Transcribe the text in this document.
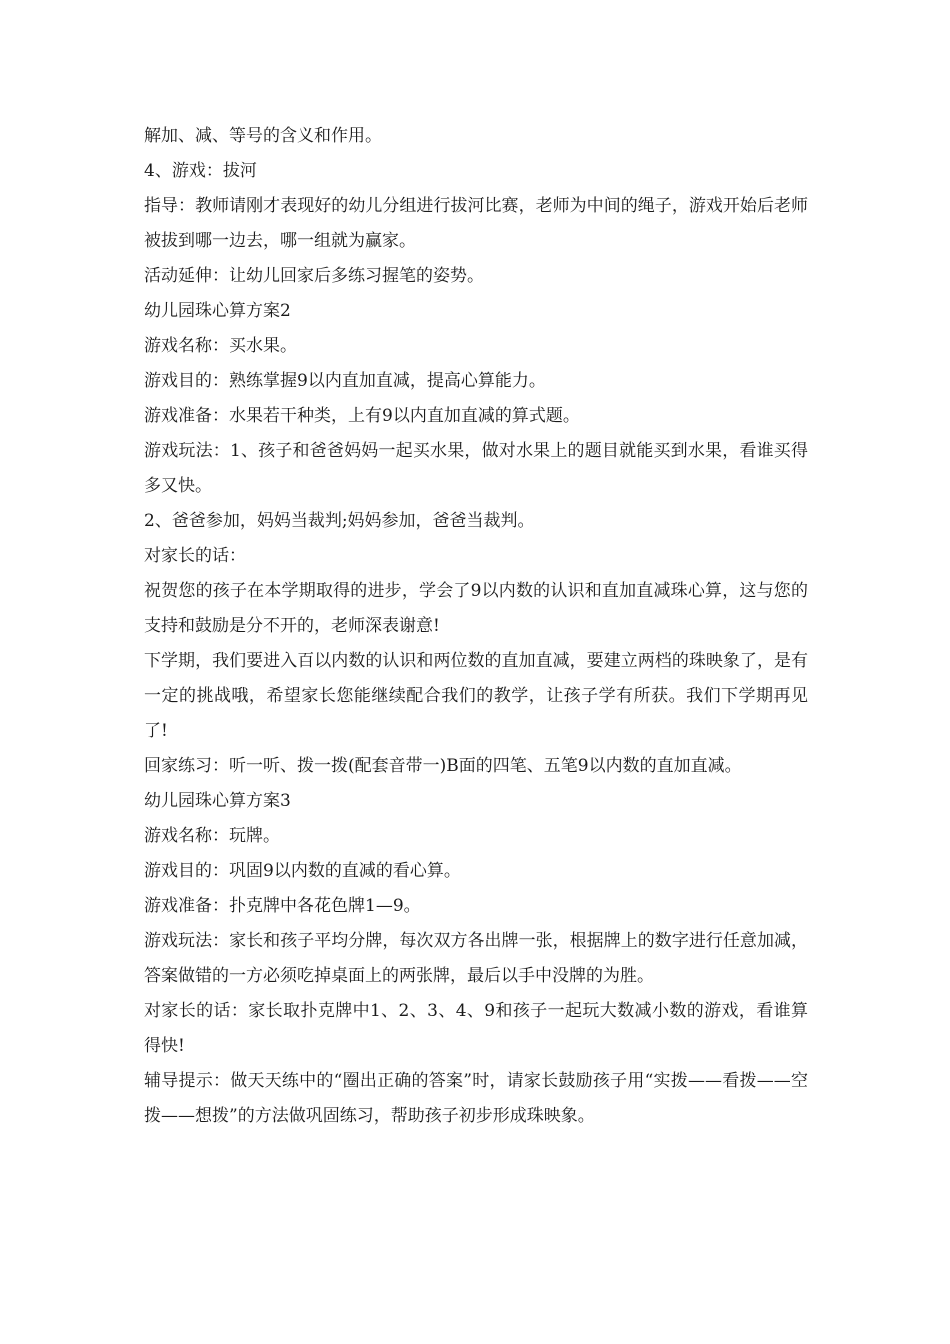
解加、减、等号的含义和作用。

4、游戏：拔河

指导：教师请刚才表现好的幼儿分组进行拔河比赛，老师为中间的绳子，游戏开始后老师被拔到哪一边去，哪一组就为赢家。

活动延伸：让幼儿回家后多练习握笔的姿势。

幼儿园珠心算方案2

游戏名称：买水果。

游戏目的：熟练掌握9以内直加直减，提高心算能力。

游戏准备：水果若干种类，上有9以内直加直减的算式题。

游戏玩法：1、孩子和爸爸妈妈一起买水果，做对水果上的题目就能买到水果，看谁买得多又快。

2、爸爸参加，妈妈当裁判;妈妈参加，爸爸当裁判。

对家长的话：

祝贺您的孩子在本学期取得的进步，学会了9以内数的认识和直加直减珠心算，这与您的支持和鼓励是分不开的，老师深表谢意!

下学期，我们要进入百以内数的认识和两位数的直加直减，要建立两档的珠映象了，是有一定的挑战哦，希望家长您能继续配合我们的教学，让孩子学有所获。我们下学期再见了!

回家练习：听一听、拨一拨(配套音带一)B面的四笔、五笔9以内数的直加直减。

幼儿园珠心算方案3

游戏名称：玩牌。

游戏目的：巩固9以内数的直减的看心算。

游戏准备：扑克牌中各花色牌1—9。

游戏玩法：家长和孩子平均分牌，每次双方各出牌一张，根据牌上的数字进行任意加减，答案做错的一方必须吃掉桌面上的两张牌，最后以手中没牌的为胜。

对家长的话：家长取扑克牌中1、2、3、4、9和孩子一起玩大数减小数的游戏，看谁算得快!

辅导提示：做天天练中的“圈出正确的答案”时，请家长鼓励孩子用“实拨——看拨——空拨——想拨”的方法做巩固练习，帮助孩子初步形成珠映象。
